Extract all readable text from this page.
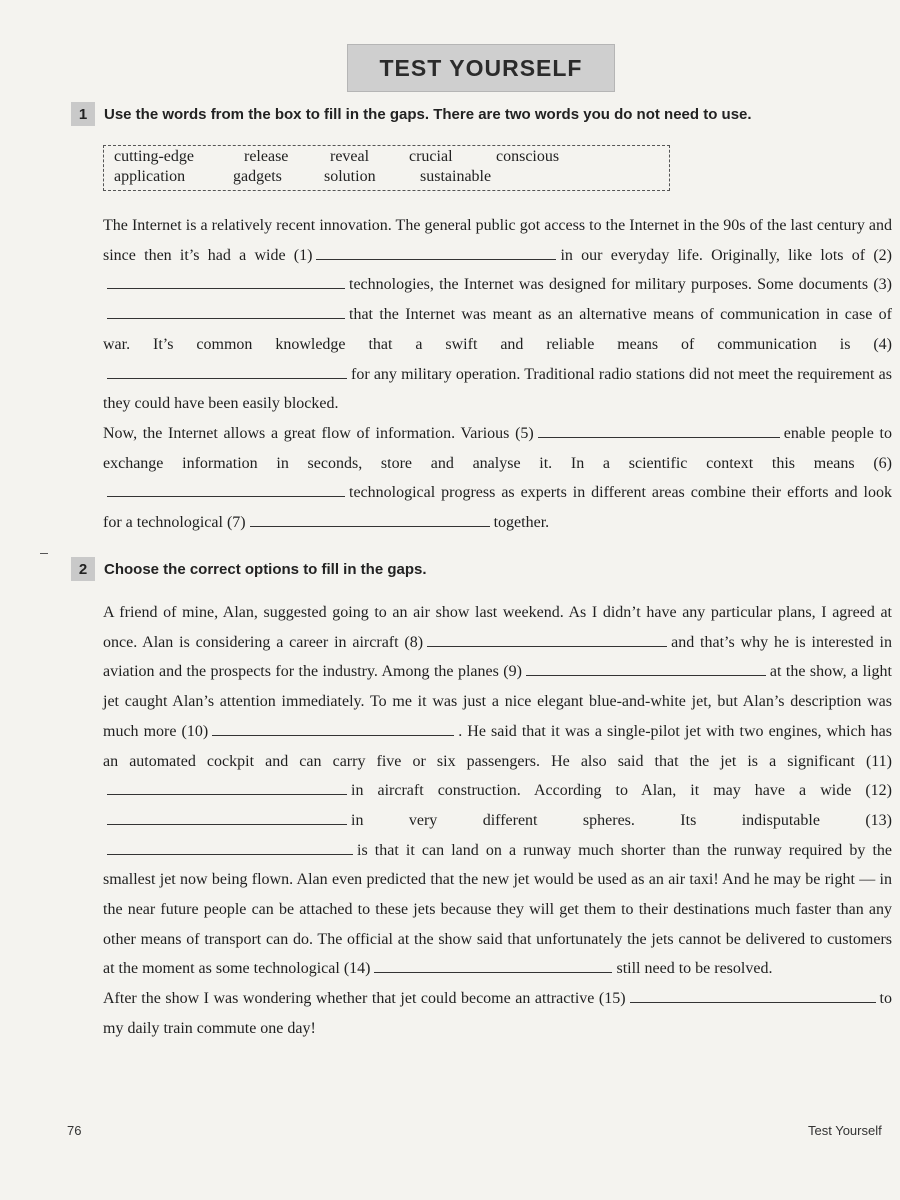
TEST YOURSELF
1	Use the words from the box to fill in the gaps. There are two words you do not need to use.
cutting-edge	release	reveal	crucial	conscious
application	gadgets	solution	sustainable

The Internet is a relatively recent innovation. The general public got access to the Internet in the 90s of the last century and since then it’s had a wide (1)	in our everyday life. Originally, like lots of (2)technologies, the Internet was designed for military purposes. Some documents (3)that the Internet was meant as an alternative means of communication in case of war. It’s common knowledge that a swift and reliable means of communication is (4)for any military operation. Traditional radio stations did not meet the requirement as they could have been easily blocked.

Now, the Internet allows a great flow of information. Various (5)	enable people to exchange information in seconds, store and analyse it. In a scientific context this means (6)technological progress as experts in different areas combine their efforts and look for a technological (7)	together.

2	Choose the correct options to fill in the gaps.

A friend of mine, Alan, suggested going to an air show last weekend. As I didn’t have any particular plans, I agreed at once. Alan is considering a career in aircraft (8)	and that’s why he is interested in aviation and the prospects for the industry. Among the planes (9)	at the show, a light jet caught Alan’s attention immediately. To me it was just a nice elegant blue-and-white jet, but Alan’s description was much more (10)	. He said that it was a single-pilot jet with two engines, which has an automated cockpit and can carry five or six passengers. He also said that the jet is a significant (11)in aircraft construction. According to Alan, it may have a wide (12)in very different spheres. Its indisputable (13)is that it can land on a runway much shorter than the runway required by the smallest jet now being flown. Alan even predicted that the new jet would be used as an air taxi! And he may be right — in the near future people can be attached to these jets because they will get them to their destinations much faster than any other means of transport can do. The official at the show said that unfortunately the jets cannot be delivered to customers at the moment as some technological (14)	still need to be resolved.

After the show I was wondering whether that jet could become an attractive (15)	to my daily train commute one day!

76	Test Yourself
